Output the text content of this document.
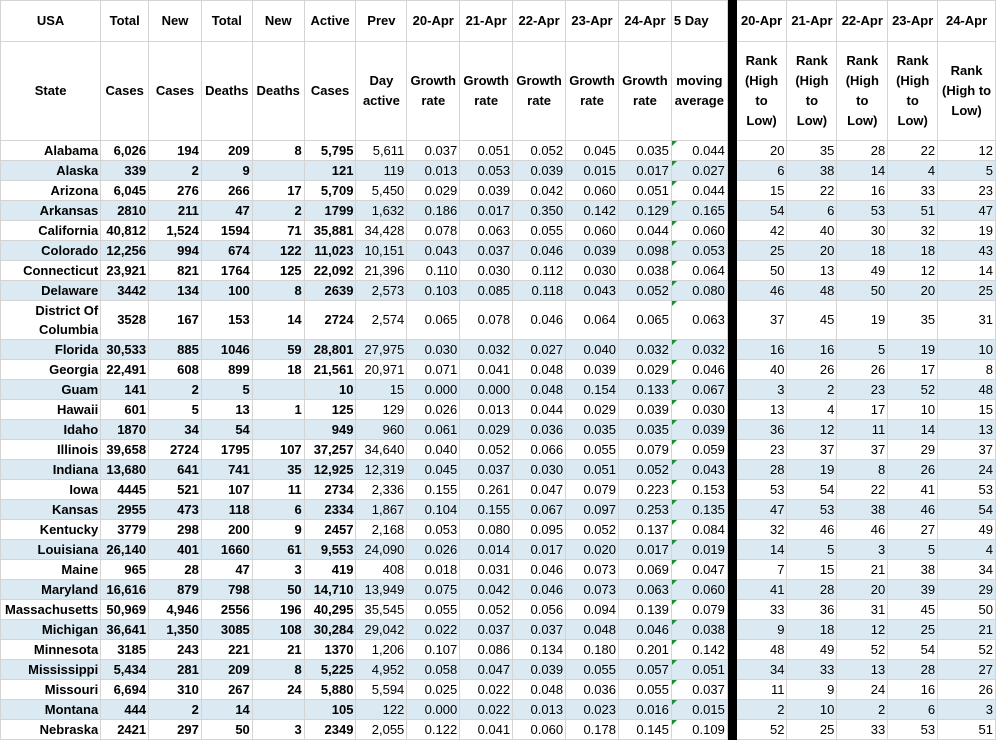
USA	Total	New	Total	New	Active	Prev	20-Apr	21-Apr	22-Apr	23-Apr	24-Apr	5 Day		20-Apr	21-Apr	22-Apr	23-Apr	24-Apr
State	Cases	Cases	Deaths	Deaths	Cases	Day active	Growth rate	Growth rate	Growth rate	Growth rate	Growth rate	moving average		Rank (High to Low)	Rank (High to Low)	Rank (High to Low)	Rank (High to Low)	Rank (High to Low)
Alabama	6,026	194	209	8	5,795	5,611	0.037	0.051	0.052	0.045	0.035	0.044		20	35	28	22	12
Alaska	339	2	9		121	119	0.013	0.053	0.039	0.015	0.017	0.027		6	38	14	4	5
Arizona	6,045	276	266	17	5,709	5,450	0.029	0.039	0.042	0.060	0.051	0.044		15	22	16	33	23
Arkansas	2810	211	47	2	1799	1,632	0.186	0.017	0.350	0.142	0.129	0.165		54	6	53	51	47
California	40,812	1,524	1594	71	35,881	34,428	0.078	0.063	0.055	0.060	0.044	0.060		42	40	30	32	19
Colorado	12,256	994	674	122	11,023	10,151	0.043	0.037	0.046	0.039	0.098	0.053		25	20	18	18	43
Connecticut	23,921	821	1764	125	22,092	21,396	0.110	0.030	0.112	0.030	0.038	0.064		50	13	49	12	14
Delaware	3442	134	100	8	2639	2,573	0.103	0.085	0.118	0.043	0.052	0.080		46	48	50	20	25
District Of Columbia	3528	167	153	14	2724	2,574	0.065	0.078	0.046	0.064	0.065	0.063		37	45	19	35	31
Florida	30,533	885	1046	59	28,801	27,975	0.030	0.032	0.027	0.040	0.032	0.032		16	16	5	19	10
Georgia	22,491	608	899	18	21,561	20,971	0.071	0.041	0.048	0.039	0.029	0.046		40	26	26	17	8
Guam	141	2	5		10	15	0.000	0.000	0.048	0.154	0.133	0.067		3	2	23	52	48
Hawaii	601	5	13	1	125	129	0.026	0.013	0.044	0.029	0.039	0.030		13	4	17	10	15
Idaho	1870	34	54		949	960	0.061	0.029	0.036	0.035	0.035	0.039		36	12	11	14	13
Illinois	39,658	2724	1795	107	37,257	34,640	0.040	0.052	0.066	0.055	0.079	0.059		23	37	37	29	37
Indiana	13,680	641	741	35	12,925	12,319	0.045	0.037	0.030	0.051	0.052	0.043		28	19	8	26	24
Iowa	4445	521	107	11	2734	2,336	0.155	0.261	0.047	0.079	0.223	0.153		53	54	22	41	53
Kansas	2955	473	118	6	2334	1,867	0.104	0.155	0.067	0.097	0.253	0.135		47	53	38	46	54
Kentucky	3779	298	200	9	2457	2,168	0.053	0.080	0.095	0.052	0.137	0.084		32	46	46	27	49
Louisiana	26,140	401	1660	61	9,553	24,090	0.026	0.014	0.017	0.020	0.017	0.019		14	5	3	5	4
Maine	965	28	47	3	419	408	0.018	0.031	0.046	0.073	0.069	0.047		7	15	21	38	34
Maryland	16,616	879	798	50	14,710	13,949	0.075	0.042	0.046	0.073	0.063	0.060		41	28	20	39	29
Massachusetts	50,969	4,946	2556	196	40,295	35,545	0.055	0.052	0.056	0.094	0.139	0.079		33	36	31	45	50
Michigan	36,641	1,350	3085	108	30,284	29,042	0.022	0.037	0.037	0.048	0.046	0.038		9	18	12	25	21
Minnesota	3185	243	221	21	1370	1,206	0.107	0.086	0.134	0.180	0.201	0.142		48	49	52	54	52
Mississippi	5,434	281	209	8	5,225	4,952	0.058	0.047	0.039	0.055	0.057	0.051		34	33	13	28	27
Missouri	6,694	310	267	24	5,880	5,594	0.025	0.022	0.048	0.036	0.055	0.037		11	9	24	16	26
Montana	444	2	14		105	122	0.000	0.022	0.013	0.023	0.016	0.015		2	10	2	6	3
Nebraska	2421	297	50	3	2349	2,055	0.122	0.041	0.060	0.178	0.145	0.109		52	25	33	53	51
